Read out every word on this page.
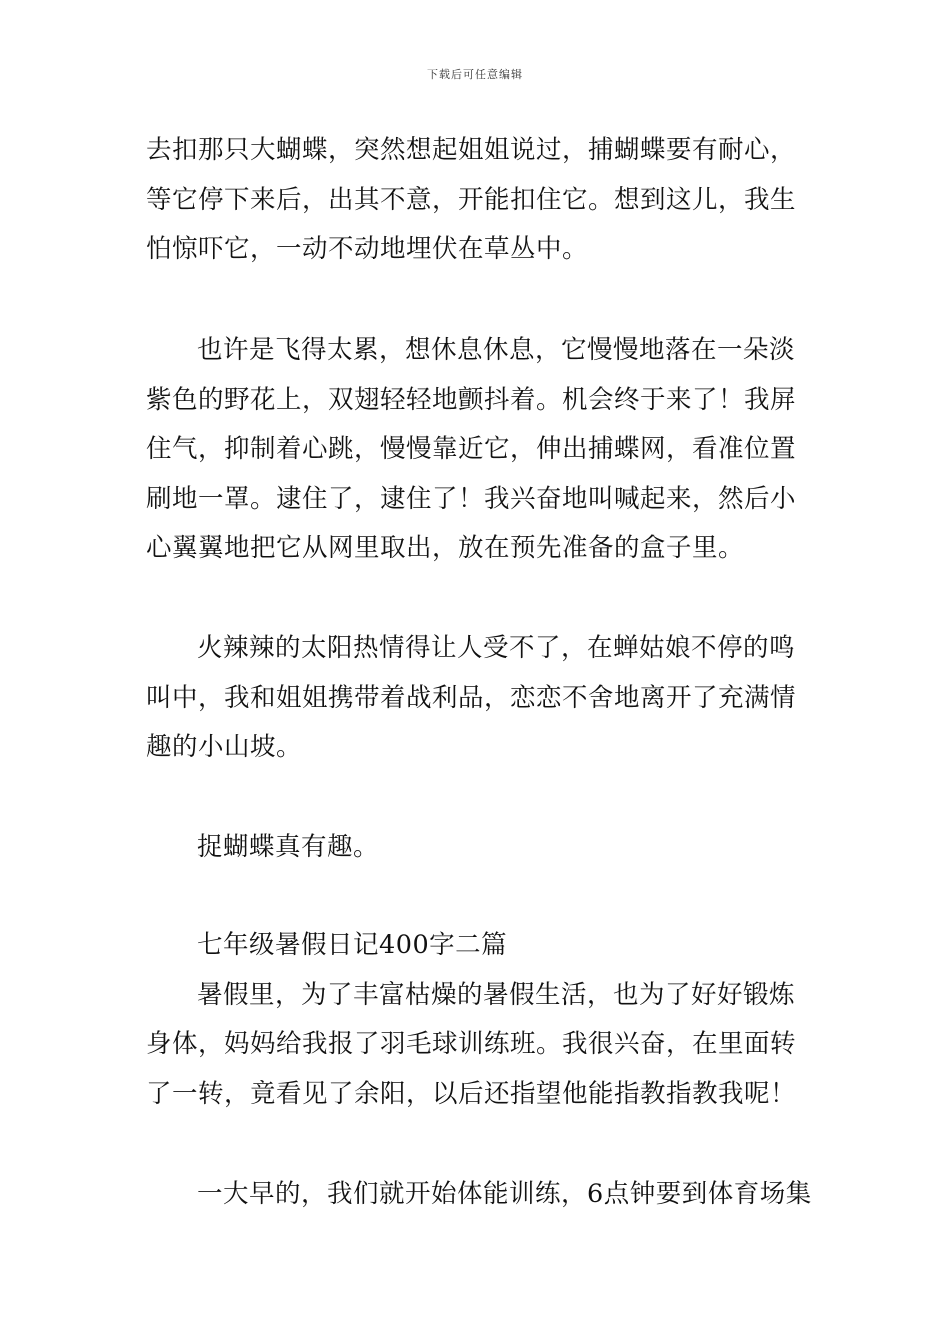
下载后可任意编辑
去扣那只大蝴蝶，突然想起姐姐说过，捕蝴蝶要有耐心，
等它停下来后，出其不意，开能扣住它。想到这儿，我生
怕惊吓它，一动不动地埋伏在草丛中。
也许是飞得太累，想休息休息，它慢慢地落在一朵淡
紫色的野花上，双翅轻轻地颤抖着。机会终于来了！我屏
住气，抑制着心跳，慢慢靠近它，伸出捕蝶网，看准位置
刷地一罩。逮住了，逮住了！我兴奋地叫喊起来，然后小
心翼翼地把它从网里取出，放在预先准备的盒子里。
火辣辣的太阳热情得让人受不了，在蝉姑娘不停的鸣
叫中，我和姐姐携带着战利品，恋恋不舍地离开了充满情
趣的小山坡。
捉蝴蝶真有趣。
七年级暑假日记400字二篇
暑假里，为了丰富枯燥的暑假生活，也为了好好锻炼
身体，妈妈给我报了羽毛球训练班。我很兴奋，在里面转
了一转，竟看见了余阳，以后还指望他能指教指教我呢！
一大早的，我们就开始体能训练，6点钟要到体育场集
